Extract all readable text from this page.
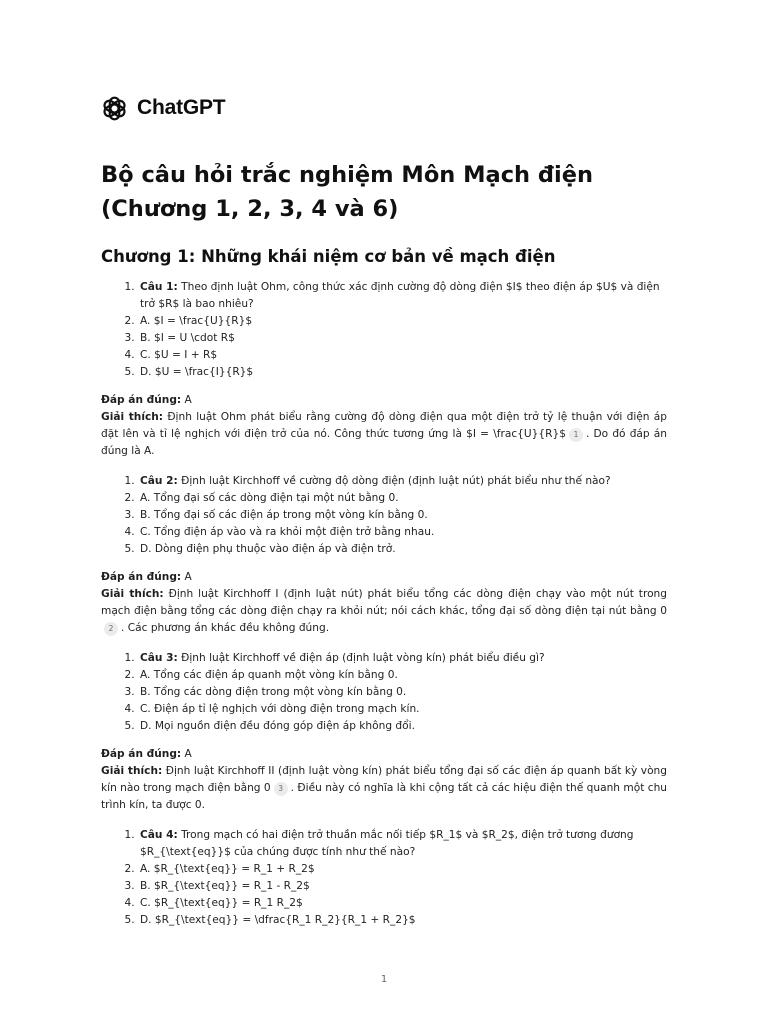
ChatGPT
Bộ câu hỏi trắc nghiệm Môn Mạch điện (Chương 1, 2, 3, 4 và 6)
Chương 1: Những khái niệm cơ bản về mạch điện
1. Câu 1: Theo định luật Ohm, công thức xác định cường độ dòng điện $I$ theo điện áp $U$ và điện trở $R$ là bao nhiêu?
2. A. $I = \frac{U}{R}$
3. B. $I = U \cdot R$
4. C. $U = I + R$
5. D. $U = \frac{I}{R}$
Đáp án đúng: A
Giải thích: Định luật Ohm phát biểu rằng cường độ dòng điện qua một điện trở tỷ lệ thuận với điện áp đặt lên và tỉ lệ nghịch với điện trở của nó. Công thức tương ứng là $I = \frac{U}{R}$ 1 . Do đó đáp án đúng là A.
1. Câu 2: Định luật Kirchhoff về cường độ dòng điện (định luật nút) phát biểu như thế nào?
2. A. Tổng đại số các dòng điện tại một nút bằng 0.
3. B. Tổng đại số các điện áp trong một vòng kín bằng 0.
4. C. Tổng điện áp vào và ra khỏi một điện trở bằng nhau.
5. D. Dòng điện phụ thuộc vào điện áp và điện trở.
Đáp án đúng: A
Giải thích: Định luật Kirchhoff I (định luật nút) phát biểu tổng các dòng điện chạy vào một nút trong mạch điện bằng tổng các dòng điện chạy ra khỏi nút; nói cách khác, tổng đại số dòng điện tại nút bằng 02 . Các phương án khác đều không đúng.
1. Câu 3: Định luật Kirchhoff về điện áp (định luật vòng kín) phát biểu điều gì?
2. A. Tổng các điện áp quanh một vòng kín bằng 0.
3. B. Tổng các dòng điện trong một vòng kín bằng 0.
4. C. Điện áp tỉ lệ nghịch với dòng điện trong mạch kín.
5. D. Mọi nguồn điện đều đóng góp điện áp không đổi.
Đáp án đúng: A
Giải thích: Định luật Kirchhoff II (định luật vòng kín) phát biểu tổng đại số các điện áp quanh bất kỳ vòng kín nào trong mạch điện bằng 0 3 . Điều này có nghĩa là khi cộng tất cả các hiệu điện thế quanh một chu trình kín, ta được 0.
1. Câu 4: Trong mạch có hai điện trở thuần mắc nối tiếp $R_1$ và $R_2$, điện trở tương đương $R_{\text{eq}}$ của chúng được tính như thế nào?
2. A. $R_{\text{eq}} = R_1 + R_2$
3. B. $R_{\text{eq}} = R_1 - R_2$
4. C. $R_{\text{eq}} = R_1 R_2$
5. D. $R_{\text{eq}} = \dfrac{R_1 R_2}{R_1 + R_2}$
1
